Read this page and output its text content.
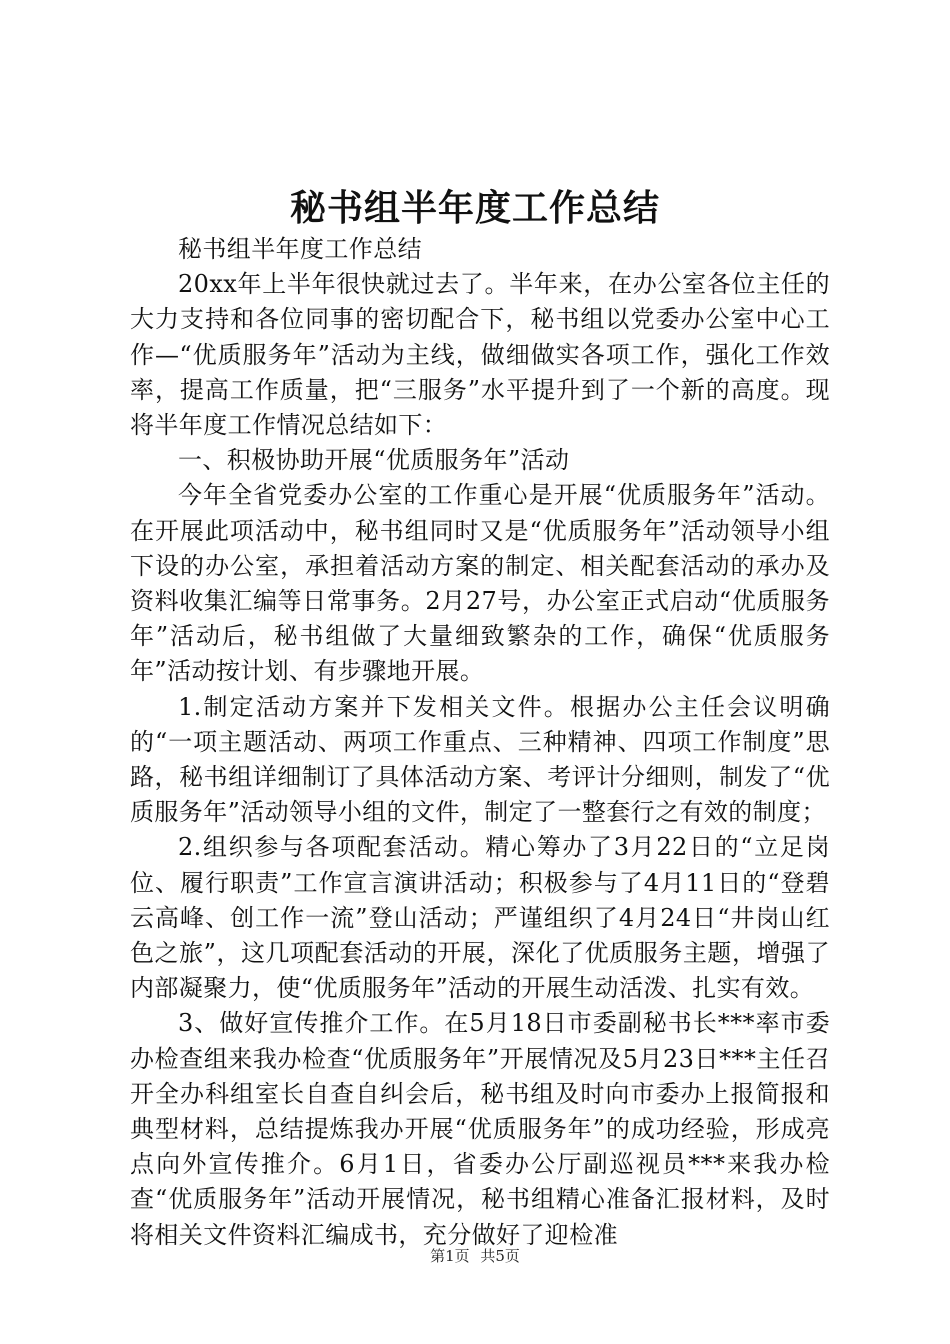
秘书组半年度工作总结

秘书组半年度工作总结

20xx年上半年很快就过去了。半年来，在办公室各位主任的大力支持和各位同事的密切配合下，秘书组以党委办公室中心工作—“优质服务年”活动为主线，做细做实各项工作，强化工作效率，提高工作质量，把“三服务”水平提升到了一个新的高度。现将半年度工作情况总结如下：

一、积极协助开展“优质服务年”活动

今年全省党委办公室的工作重心是开展“优质服务年”活动。在开展此项活动中，秘书组同时又是“优质服务年”活动领导小组下设的办公室，承担着活动方案的制定、相关配套活动的承办及资料收集汇编等日常事务。2月27号，办公室正式启动“优质服务年”活动后，秘书组做了大量细致繁杂的工作，确保“优质服务年”活动按计划、有步骤地开展。

1.制定活动方案并下发相关文件。根据办公主任会议明确的“一项主题活动、两项工作重点、三种精神、四项工作制度”思路，秘书组详细制订了具体活动方案、考评计分细则，制发了“优质服务年”活动领导小组的文件，制定了一整套行之有效的制度；

2.组织参与各项配套活动。精心筹办了3月22日的“立足岗位、履行职责”工作宣言演讲活动；积极参与了4月11日的“登碧云高峰、创工作一流”登山活动；严谨组织了4月24日“井岗山红色之旅”，这几项配套活动的开展，深化了优质服务主题，增强了内部凝聚力，使“优质服务年”活动的开展生动活泼、扎实有效。

3、做好宣传推介工作。在5月18日市委副秘书长***率市委办检查组来我办检查“优质服务年”开展情况及5月23日***主任召开全办科组室长自查自纠会后，秘书组及时向市委办上报简报和典型材料，总结提炼我办开展“优质服务年”的成功经验，形成亮点向外宣传推介。6月1日，省委办公厅副巡视员***来我办检查“优质服务年”活动开展情况，秘书组精心准备汇报材料，及时将相关文件资料汇编成书，充分做好了迎检准

第1页 共5页
